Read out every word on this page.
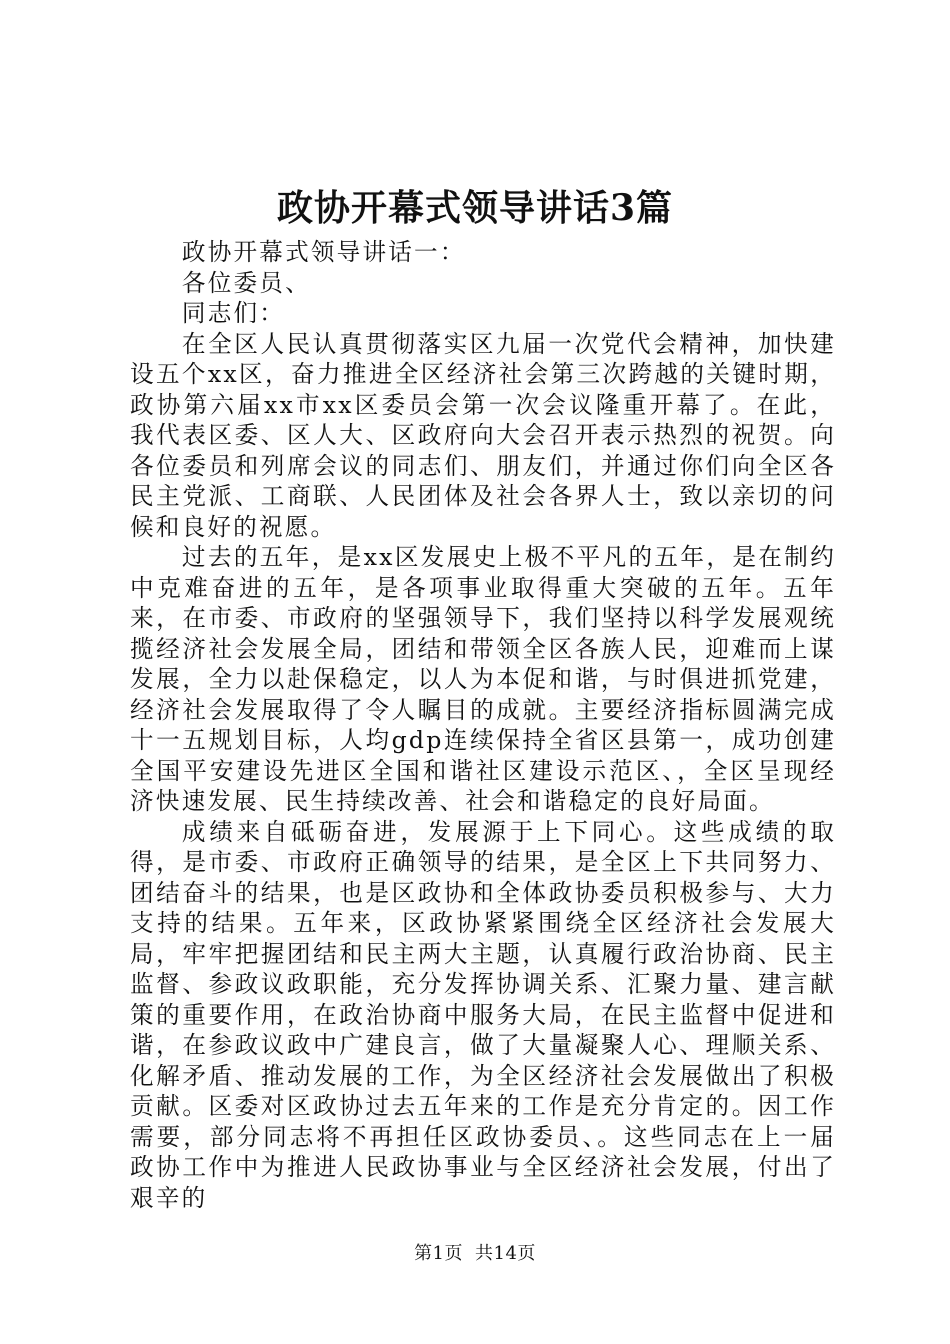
政协开幕式领导讲话3篇

政协开幕式领导讲话一：

各位委员、

同志们：

在全区人民认真贯彻落实区九届一次党代会精神，加快建设五个xx区，奋力推进全区经济社会第三次跨越的关键时期，政协第六届xx市xx区委员会第一次会议隆重开幕了。在此，我代表区委、区人大、区政府向大会召开表示热烈的祝贺。向各位委员和列席会议的同志们、朋友们，并通过你们向全区各民主党派、工商联、人民团体及社会各界人士，致以亲切的问候和良好的祝愿。

过去的五年，是xx区发展史上极不平凡的五年，是在制约中克难奋进的五年，是各项事业取得重大突破的五年。五年来，在市委、市政府的坚强领导下，我们坚持以科学发展观统揽经济社会发展全局，团结和带领全区各族人民，迎难而上谋发展，全力以赴保稳定，以人为本促和谐，与时俱进抓党建，经济社会发展取得了令人瞩目的成就。主要经济指标圆满完成十一五规划目标，人均gdp连续保持全省区县第一，成功创建全国平安建设先进区全国和谐社区建设示范区、，全区呈现经济快速发展、民生持续改善、社会和谐稳定的良好局面。

成绩来自砥砺奋进，发展源于上下同心。这些成绩的取得，是市委、市政府正确领导的结果，是全区上下共同努力、团结奋斗的结果，也是区政协和全体政协委员积极参与、大力支持的结果。五年来，区政协紧紧围绕全区经济社会发展大局，牢牢把握团结和民主两大主题，认真履行政治协商、民主监督、参政议政职能，充分发挥协调关系、汇聚力量、建言献策的重要作用，在政治协商中服务大局，在民主监督中促进和谐，在参政议政中广建良言，做了大量凝聚人心、理顺关系、化解矛盾、推动发展的工作，为全区经济社会发展做出了积极贡献。区委对区政协过去五年来的工作是充分肯定的。因工作需要，部分同志将不再担任区政协委员、。这些同志在上一届政协工作中为推进人民政协事业与全区经济社会发展，付出了艰辛的

第1页 共14页
